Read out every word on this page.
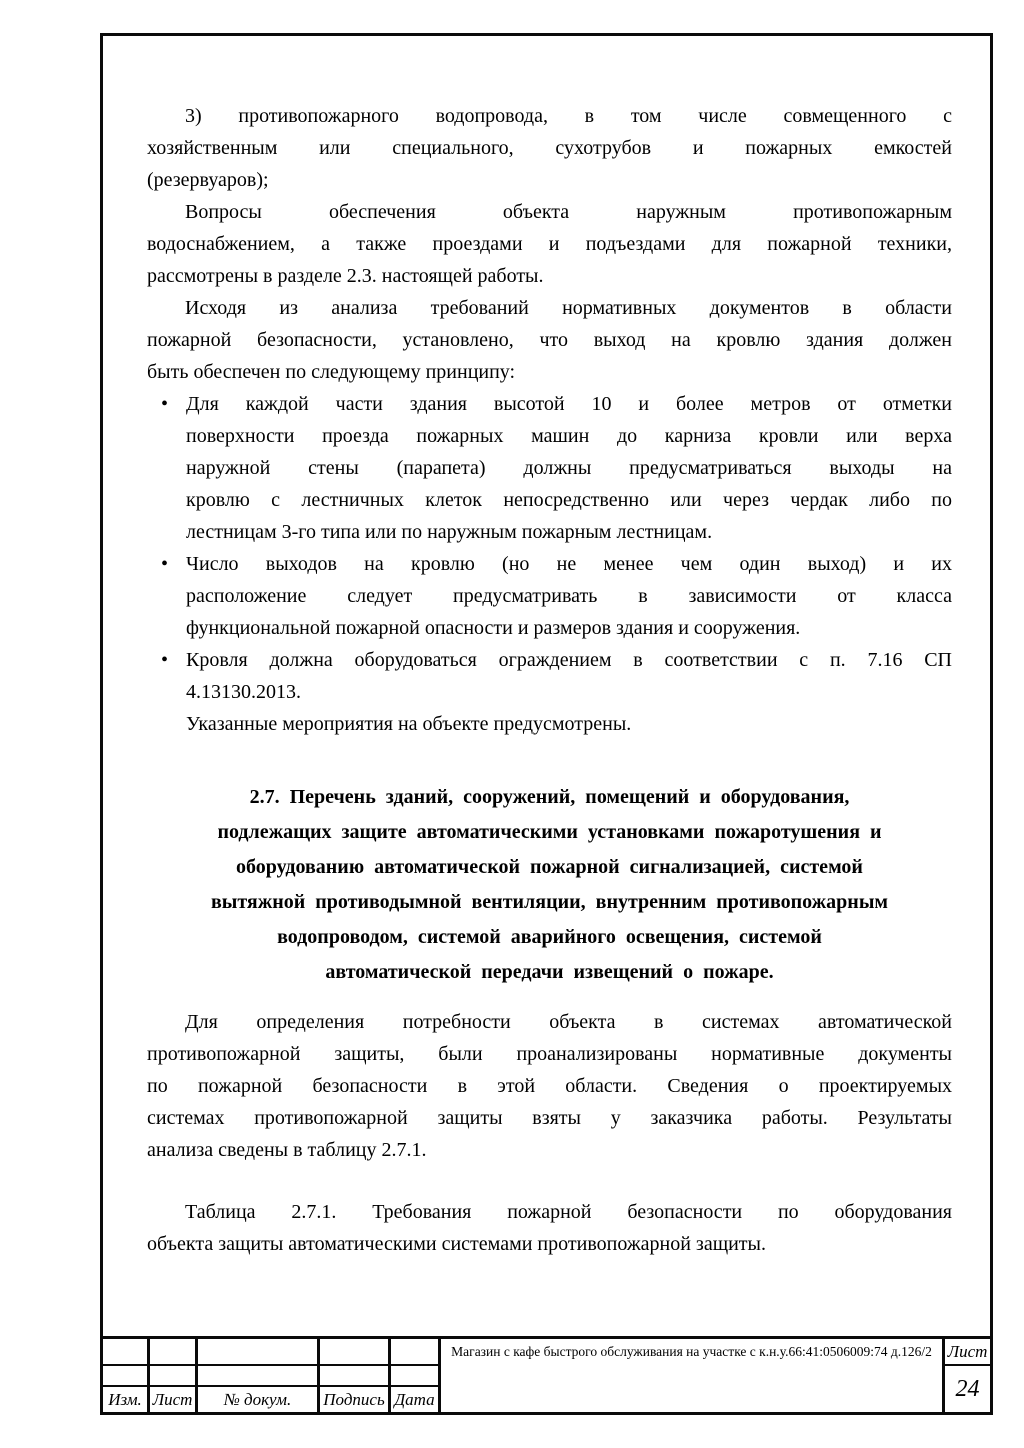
3) противопожарного водопровода, в том числе совмещенного с
хозяйственным или специального, сухотрубов и пожарных емкостей
(резервуаров);
Вопросы обеспечения объекта наружным противопожарным
водоснабжением, а также проездами и подъездами для пожарной техники,
рассмотрены в разделе 2.3. настоящей работы.
Исходя из анализа требований нормативных документов в области
пожарной безопасности, установлено, что выход на кровлю здания должен
быть обеспечен по следующему принципу:
• Для каждой части здания высотой 10 и более метров от отметки
поверхности проезда пожарных машин до карниза кровли или верха
наружной стены (парапета) должны предусматриваться выходы на
кровлю с лестничных клеток непосредственно или через чердак либо по
лестницам 3-го типа или по наружным пожарным лестницам.
• Число выходов на кровлю (но не менее чем один выход) и их
расположение следует предусматривать в зависимости от класса
функциональной пожарной опасности и размеров здания и сооружения.
• Кровля должна оборудоваться ограждением в соответствии с п. 7.16 СП
4.13130.2013.
Указанные мероприятия на объекте предусмотрены.
2.7. Перечень зданий, сооружений, помещений и оборудования,
подлежащих защите автоматическими установками пожаротушения и
оборудованию автоматической пожарной сигнализацией, системой
вытяжной противодымной вентиляции, внутренним противопожарным
водопроводом, системой аварийного освещения, системой
автоматической передачи извещений о пожаре.
Для определения потребности объекта в системах автоматической
противопожарной защиты, были проанализированы нормативные документы
по пожарной безопасности в этой области. Сведения о проектируемых
системах противопожарной защиты взяты у заказчика работы. Результаты
анализа сведены в таблицу 2.7.1.
Таблица 2.7.1. Требования пожарной безопасности по оборудования
объекта защиты автоматическими системами противопожарной защиты.
Изм. Лист	№ докум.	Подпись Дата
Магазин с кафе быстрого обслуживания на участке с к.н.у.66:41:0506009:74 д.126/2 Лист
24
